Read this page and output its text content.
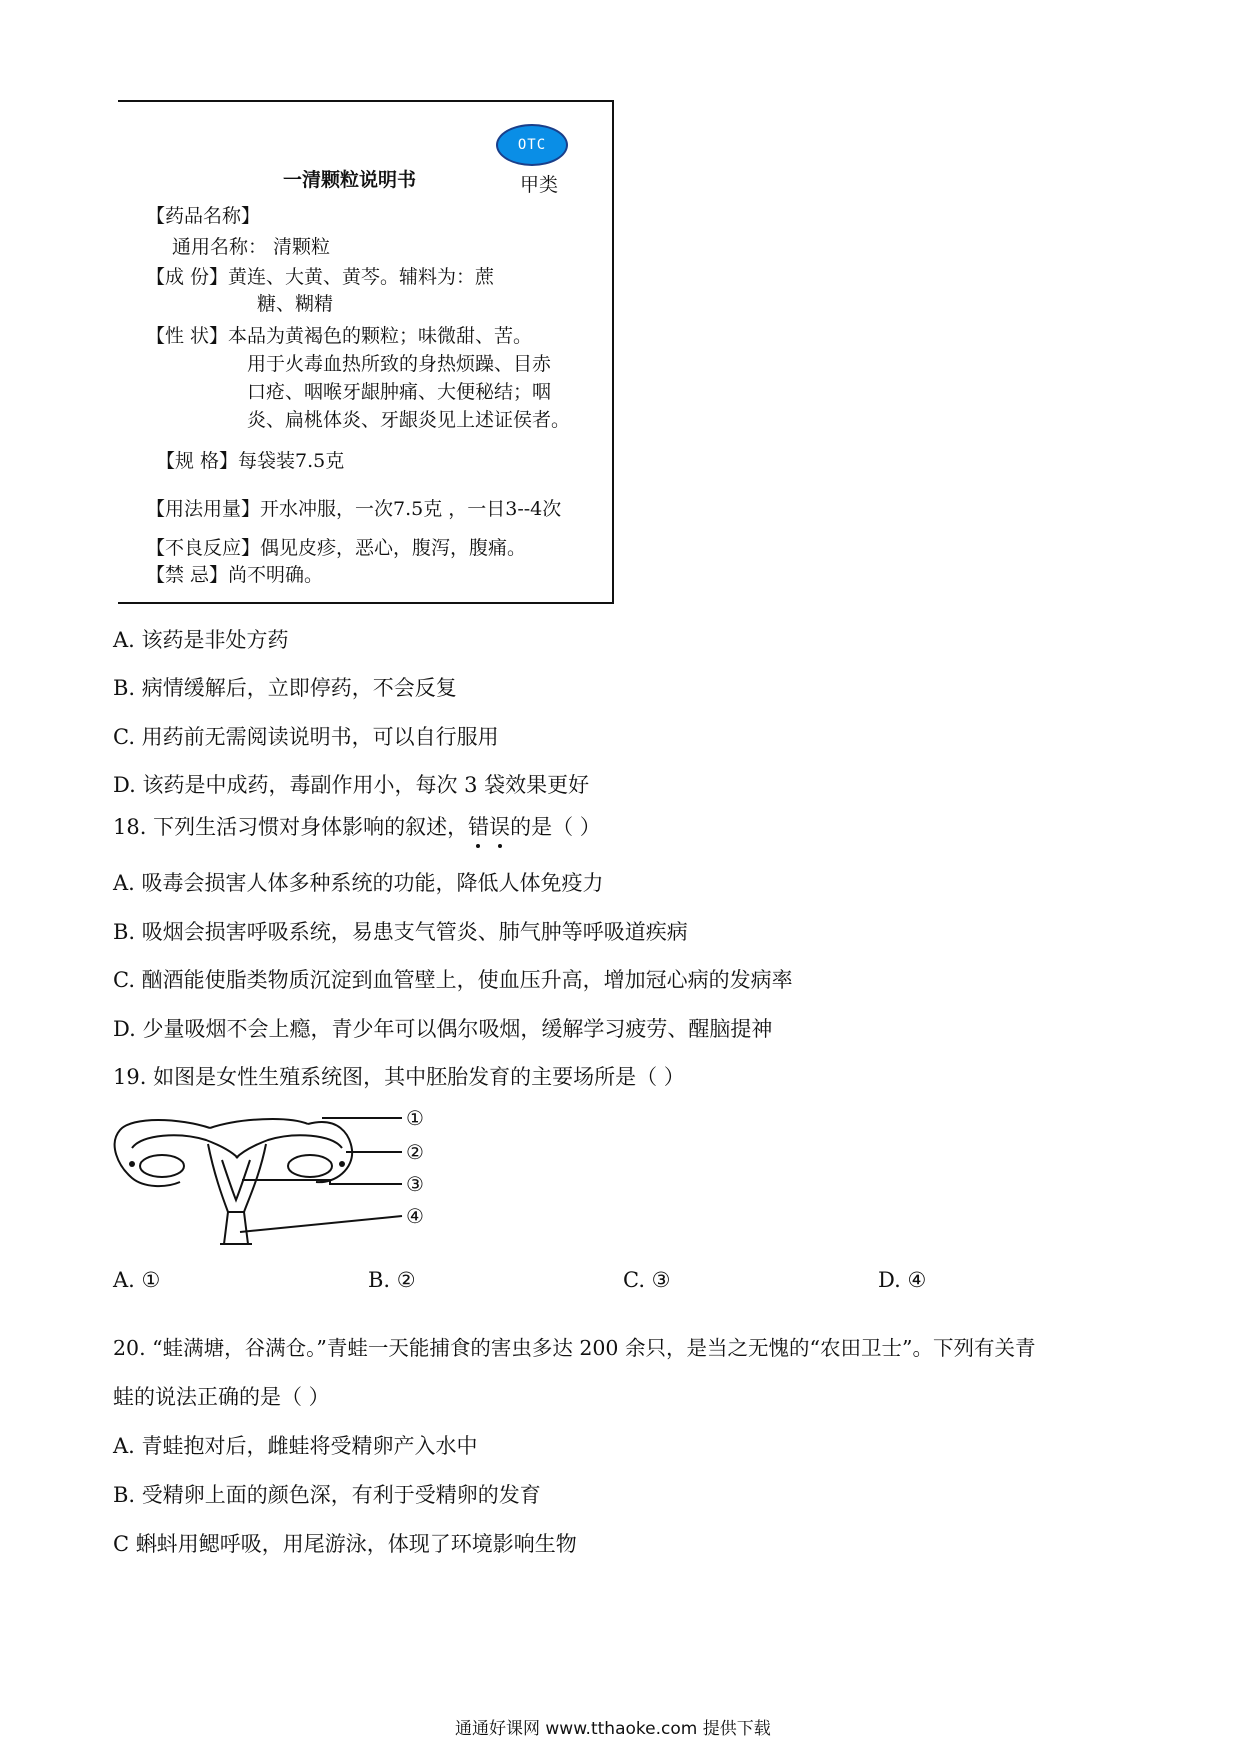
OTC
甲类
一清颗粒说明书
【药品名称】
通用名称： 清颗粒
【成 份】黄连、大黄、黄芩。辅料为：蔗
糖、糊精
【性 状】本品为黄褐色的颗粒；味微甜、苦。
用于火毒血热所致的身热烦躁、目赤
口疮、咽喉牙龈肿痛、大便秘结；咽
炎、扁桃体炎、牙龈炎见上述证侯者。
【规 格】每袋装7.5克
【用法用量】开水冲服，一次7.5克 ，一日3--4次
【不良反应】偶见皮疹，恶心，腹泻，腹痛。
【禁 忌】尚不明确。
A. 该药是非处方药
B. 病情缓解后，立即停药，不会反复
C. 用药前无需阅读说明书，可以自行服用
D. 该药是中成药，毒副作用小，每次 3 袋效果更好
18. 下列生活习惯对身体影响的叙述，错误
的是（ ）
A. 吸毒会损害人体多种系统的功能，降低人体免疫力
B. 吸烟会损害呼吸系统，易患支气管炎、肺气肿等呼吸道疾病
C. 酗酒能使脂类物质沉淀到血管壁上，使血压升高，增加冠心病的发病率
D. 少量吸烟不会上瘾，青少年可以偶尔吸烟，缓解学习疲劳、醒脑提神
19. 如图是女性生殖系统图，其中胚胎发育的主要场所是（ ）
①
②
③
④
A. ①	B. ②	C. ③	D. ④
20. “蛙满塘，谷满仓。”青蛙一天能捕食的害虫多达 200 余只，是当之无愧的“农田卫士”。下列有关青
蛙的说法正确的是（ ）
A. 青蛙抱对后，雌蛙将受精卵产入水中
B. 受精卵上面的颜色深，有利于受精卵的发育
C 蝌蚪用鳃呼吸，用尾游泳，体现了环境影响生物
通通好课网 www.tthaoke.com 提供下载
